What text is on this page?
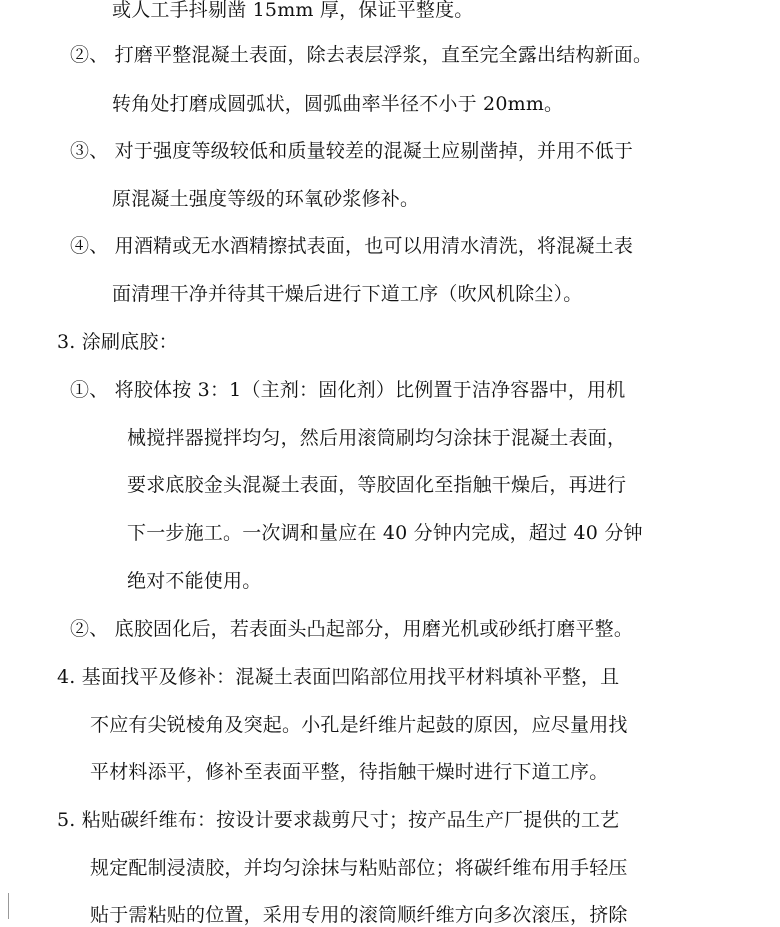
或人工手抖剔凿 15mm 厚，保证平整度。
②、 打磨平整混凝土表面，除去表层浮浆，直至完全露出结构新面。
转角处打磨成圆弧状，圆弧曲率半径不小于 20mm。
③、 对于强度等级较低和质量较差的混凝土应剔凿掉，并用不低于
原混凝土强度等级的环氧砂浆修补。
④、 用酒精或无水酒精擦拭表面，也可以用清水清洗，将混凝土表
面清理干净并待其干燥后进行下道工序（吹风机除尘）。
3. 涂刷底胶：
①、 将胶体按 3：1（主剂：固化剂）比例置于洁净容器中，用机
械搅拌器搅拌均匀，然后用滚筒刷均匀涂抹于混凝土表面，
要求底胶金头混凝土表面，等胶固化至指触干燥后，再进行
下一步施工。一次调和量应在 40 分钟内完成，超过 40 分钟
绝对不能使用。
②、 底胶固化后，若表面头凸起部分，用磨光机或砂纸打磨平整。
4. 基面找平及修补：混凝土表面凹陷部位用找平材料填补平整，且
不应有尖锐棱角及突起。小孔是纤维片起鼓的原因，应尽量用找
平材料添平，修补至表面平整，待指触干燥时进行下道工序。
5. 粘贴碳纤维布：按设计要求裁剪尺寸；按产品生产厂提供的工艺
规定配制浸渍胶，并均匀涂抹与粘贴部位；将碳纤维布用手轻压
贴于需粘贴的位置，采用专用的滚筒顺纤维方向多次滚压，挤除
